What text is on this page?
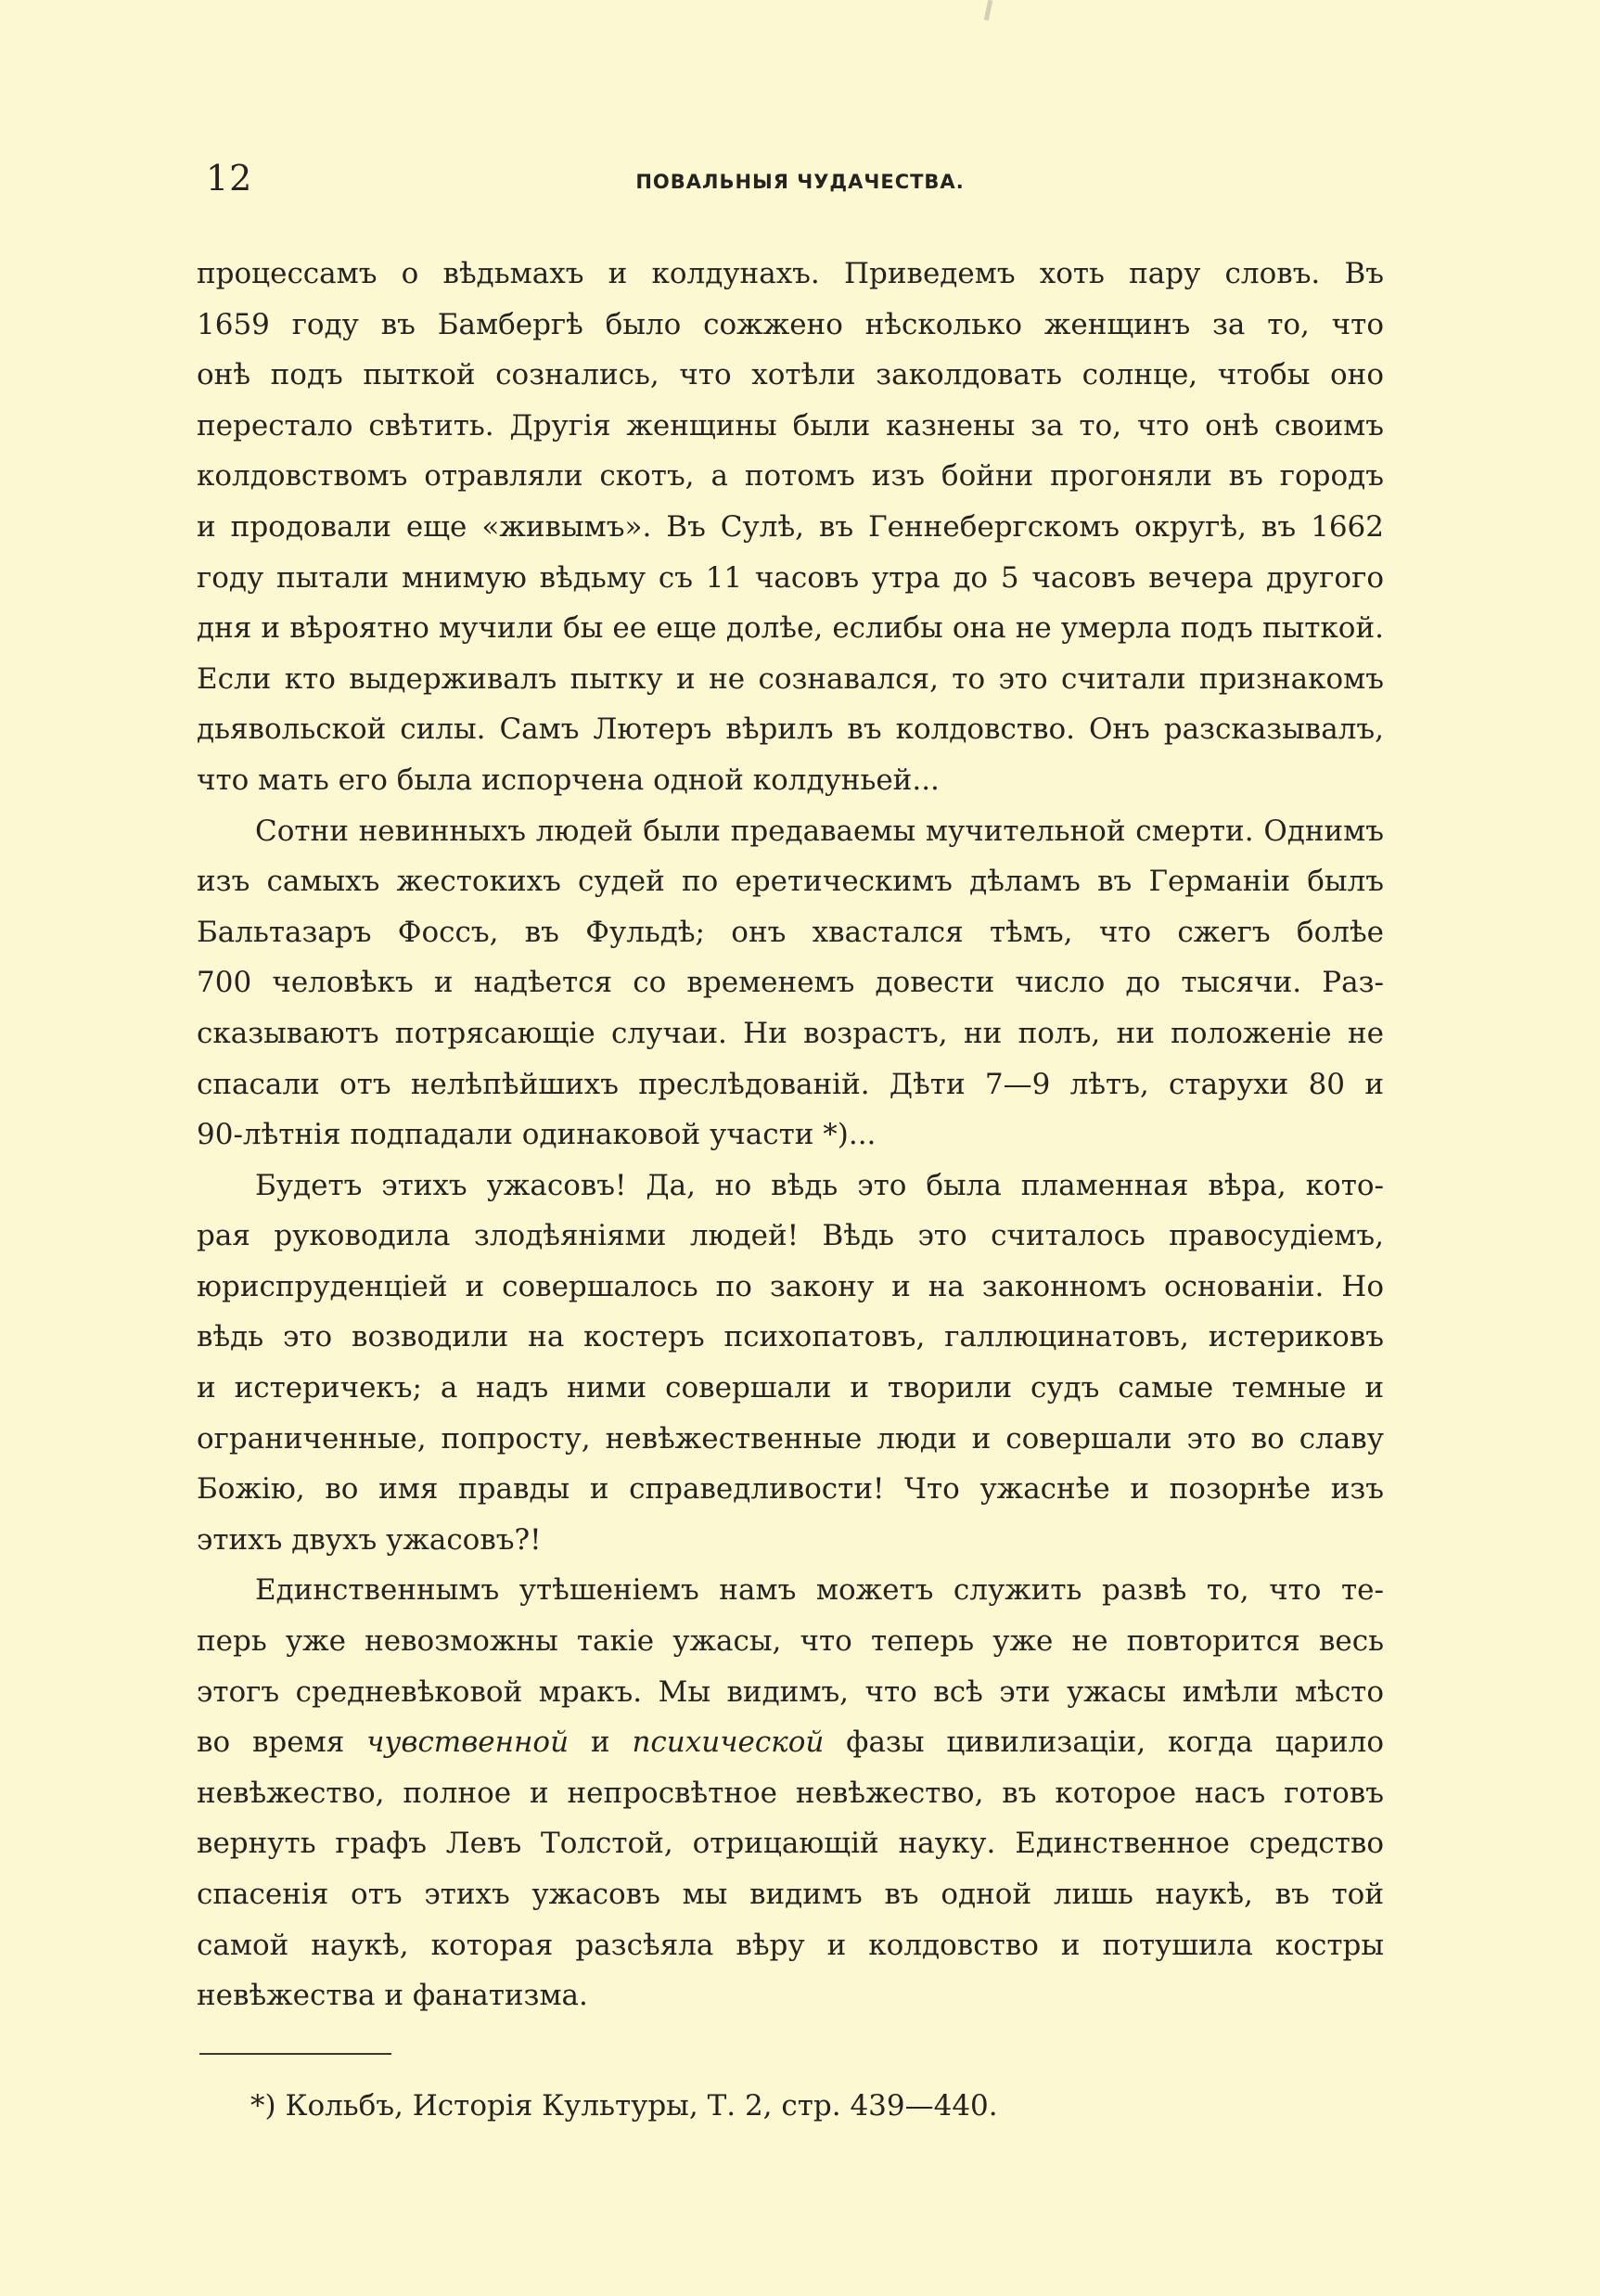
12	ПОВАЛЬНЫЯ ЧУДАЧЕСТВА.

процессамъ о вѣдьмахъ и колдунахъ. Приведемъ хоть пару словъ. Въ
1659 году въ Бамбергѣ было сожжено нѣсколько женщинъ за то, что
онѣ подъ пыткой сознались, что хотѣли заколдовать солнце, чтобы оно
перестало свѣтить. Другія женщины были казнены за то, что онѣ своимъ
колдовствомъ отравляли скотъ, а потомъ изъ бойни прогоняли въ городъ
и продовали еще «живымъ». Въ Сулѣ, въ Геннебергскомъ округѣ, въ 1662
году пытали мнимую вѣдьму съ 11 часовъ утра до 5 часовъ вечера другого
дня и вѣроятно мучили бы ее еще долѣе, еслибы она не умерла подъ пыткой.
Если кто выдерживалъ пытку и не сознавался, то это считали признакомъ
дьявольской силы. Самъ Лютеръ вѣрилъ въ колдовство. Онъ разсказывалъ,
что мать его была испорчена одной колдуньей...

Сотни невинныхъ людей были предаваемы мучительной смерти. Однимъ
изъ самыхъ жестокихъ судей по еретическимъ дѣламъ въ Германіи былъ
Бальтазаръ Фоссъ, въ Фульдѣ; онъ хвастался тѣмъ, что сжегъ болѣе
700 человѣкъ и надѣется со временемъ довести число до тысячи. Раз-
сказываютъ потрясающіе случаи. Ни возрастъ, ни полъ, ни положеніе не
спасали отъ нелѣпѣйшихъ преслѣдованій. Дѣти 7—9 лѣтъ, старухи 80 и
90-лѣтнія подпадали одинаковой участи *)...

Будетъ этихъ ужасовъ! Да, но вѣдь это была пламенная вѣра, кото-
рая руководила злодѣяніями людей! Вѣдь это считалось правосудіемъ,
юриспруденціей и совершалось по закону и на законномъ основаніи. Но
вѣдь это возводили на костеръ психопатовъ, галлюцинатовъ, истериковъ
и истеричекъ; а надъ ними совершали и творили судъ самые темные и
ограниченные, попросту, невѣжественные люди и совершали это во славу
Божію, во имя правды и справедливости! Что ужаснѣе и позорнѣе изъ
этихъ двухъ ужасовъ?!

Единственнымъ утѣшеніемъ намъ можетъ служить развѣ то, что те-
перь уже невозможны такіе ужасы, что теперь уже не повторится весь
этогъ средневѣковой мракъ. Мы видимъ, что всѣ эти ужасы имѣли мѣсто
во время чувственной и психической фазы цивилизаціи, когда царило
невѣжество, полное и непросвѣтное невѣжество, въ которое насъ готовъ
вернуть графъ Левъ Толстой, отрицающій науку. Единственное средство
спасенія отъ этихъ ужасовъ мы видимъ въ одной лишь наукѣ, въ той
самой наукѣ, которая разсѣяла вѣру и колдовство и потушила костры
невѣжества и фанатизма.

*) Кольбъ, Исторія Культуры, Т. 2, стр. 439—440.
